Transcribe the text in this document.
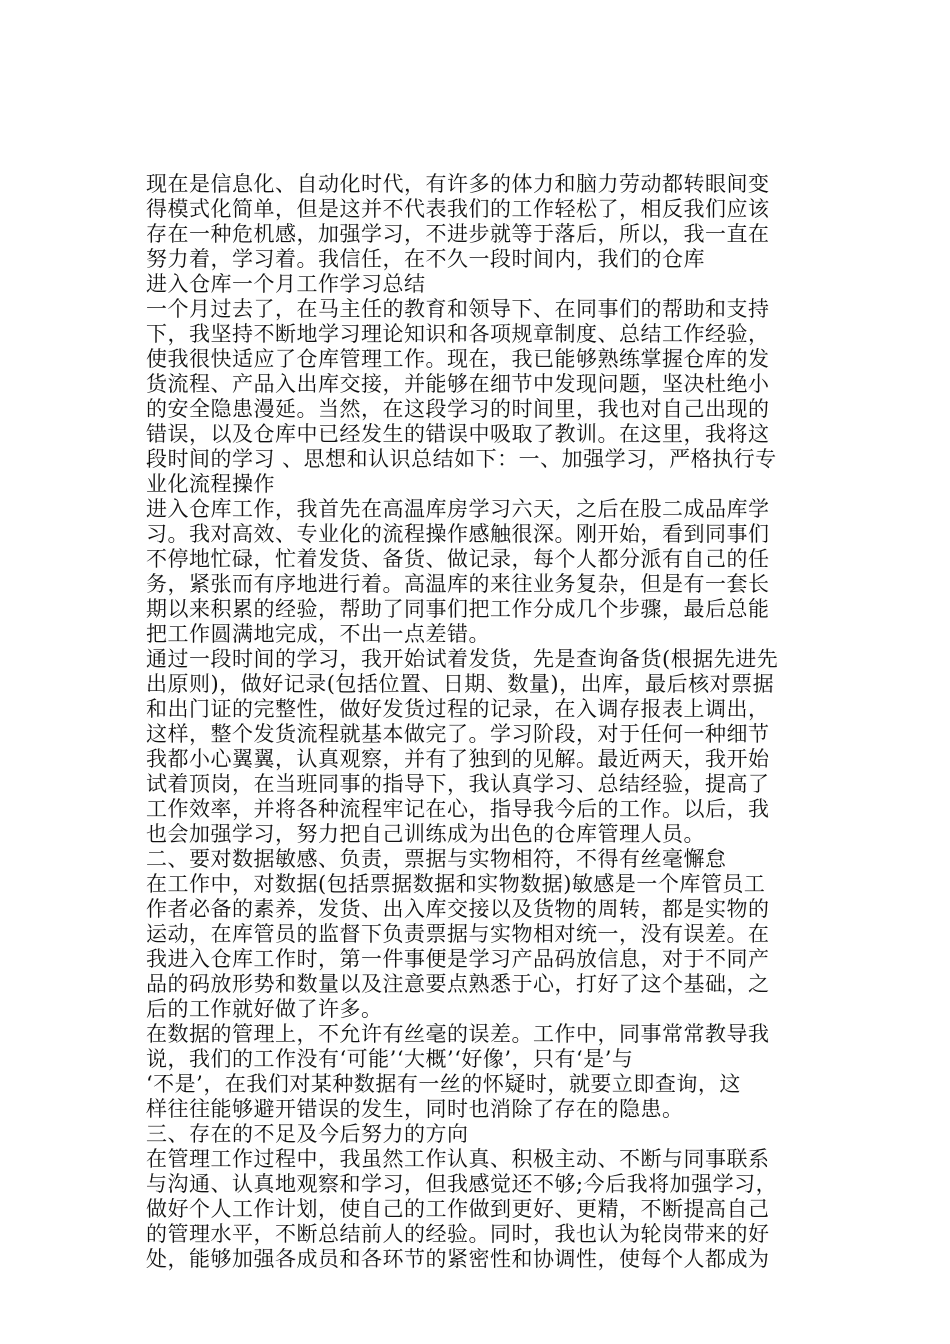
现在是信息化、自动化时代，有许多的体力和脑力劳动都转眼间变
得模式化简单，但是这并不代表我们的工作轻松了，相反我们应该
存在一种危机感，加强学习，不进步就等于落后，所以，我一直在
努力着，学习着。我信任，在不久一段时间内，我们的仓库
进入仓库一个月工作学习总结
一个月过去了，在马主任的教育和领导下、在同事们的帮助和支持
下，我坚持不断地学习理论知识和各项规章制度、总结工作经验，
使我很快适应了仓库管理工作。现在，我已能够熟练掌握仓库的发
货流程、产品入出库交接，并能够在细节中发现问题，坚决杜绝小
的安全隐患漫延。当然，在这段学习的时间里，我也对自己出现的
错误，以及仓库中已经发生的错误中吸取了教训。在这里，我将这
段时间的学习 、思想和认识总结如下：一、加强学习，严格执行专
业化流程操作
进入仓库工作，我首先在高温库房学习六天，之后在股二成品库学
习。我对高效、专业化的流程操作感触很深。刚开始，看到同事们
不停地忙碌，忙着发货、备货、做记录，每个人都分派有自己的任
务，紧张而有序地进行着。高温库的来往业务复杂，但是有一套长
期以来积累的经验，帮助了同事们把工作分成几个步骤，最后总能
把工作圆满地完成，不出一点差错。
通过一段时间的学习，我开始试着发货，先是查询备货(根据先进先
出原则)，做好记录(包括位置、日期、数量)，出库，最后核对票据
和出门证的完整性，做好发货过程的记录，在入调存报表上调出，
这样，整个发货流程就基本做完了。学习阶段，对于任何一种细节
我都小心翼翼，认真观察，并有了独到的见解。最近两天，我开始
试着顶岗，在当班同事的指导下，我认真学习、总结经验，提高了
工作效率，并将各种流程牢记在心，指导我今后的工作。以后，我
也会加强学习，努力把自己训练成为出色的仓库管理人员。
二、要对数据敏感、负责，票据与实物相符，不得有丝毫懈怠
在工作中，对数据(包括票据数据和实物数据)敏感是一个库管员工
作者必备的素养，发货、出入库交接以及货物的周转，都是实物的
运动，在库管员的监督下负责票据与实物相对统一，没有误差。在
我进入仓库工作时，第一件事便是学习产品码放信息，对于不同产
品的码放形势和数量以及注意要点熟悉于心，打好了这个基础，之
后的工作就好做了许多。
在数据的管理上，不允许有丝毫的误差。工作中，同事常常教导我
说，我们的工作没有‘可能’‘大概’‘好像’，只有‘是’与
‘不是’，在我们对某种数据有一丝的怀疑时，就要立即查询，这
样往往能够避开错误的发生，同时也消除了存在的隐患。
三、存在的不足及今后努力的方向
在管理工作过程中，我虽然工作认真、积极主动、不断与同事联系
与沟通、认真地观察和学习，但我感觉还不够;今后我将加强学习，
做好个人工作计划，使自己的工作做到更好、更精，不断提高自己
的管理水平，不断总结前人的经验。同时，我也认为轮岗带来的好
处，能够加强各成员和各环节的紧密性和协调性，使每个人都成为
